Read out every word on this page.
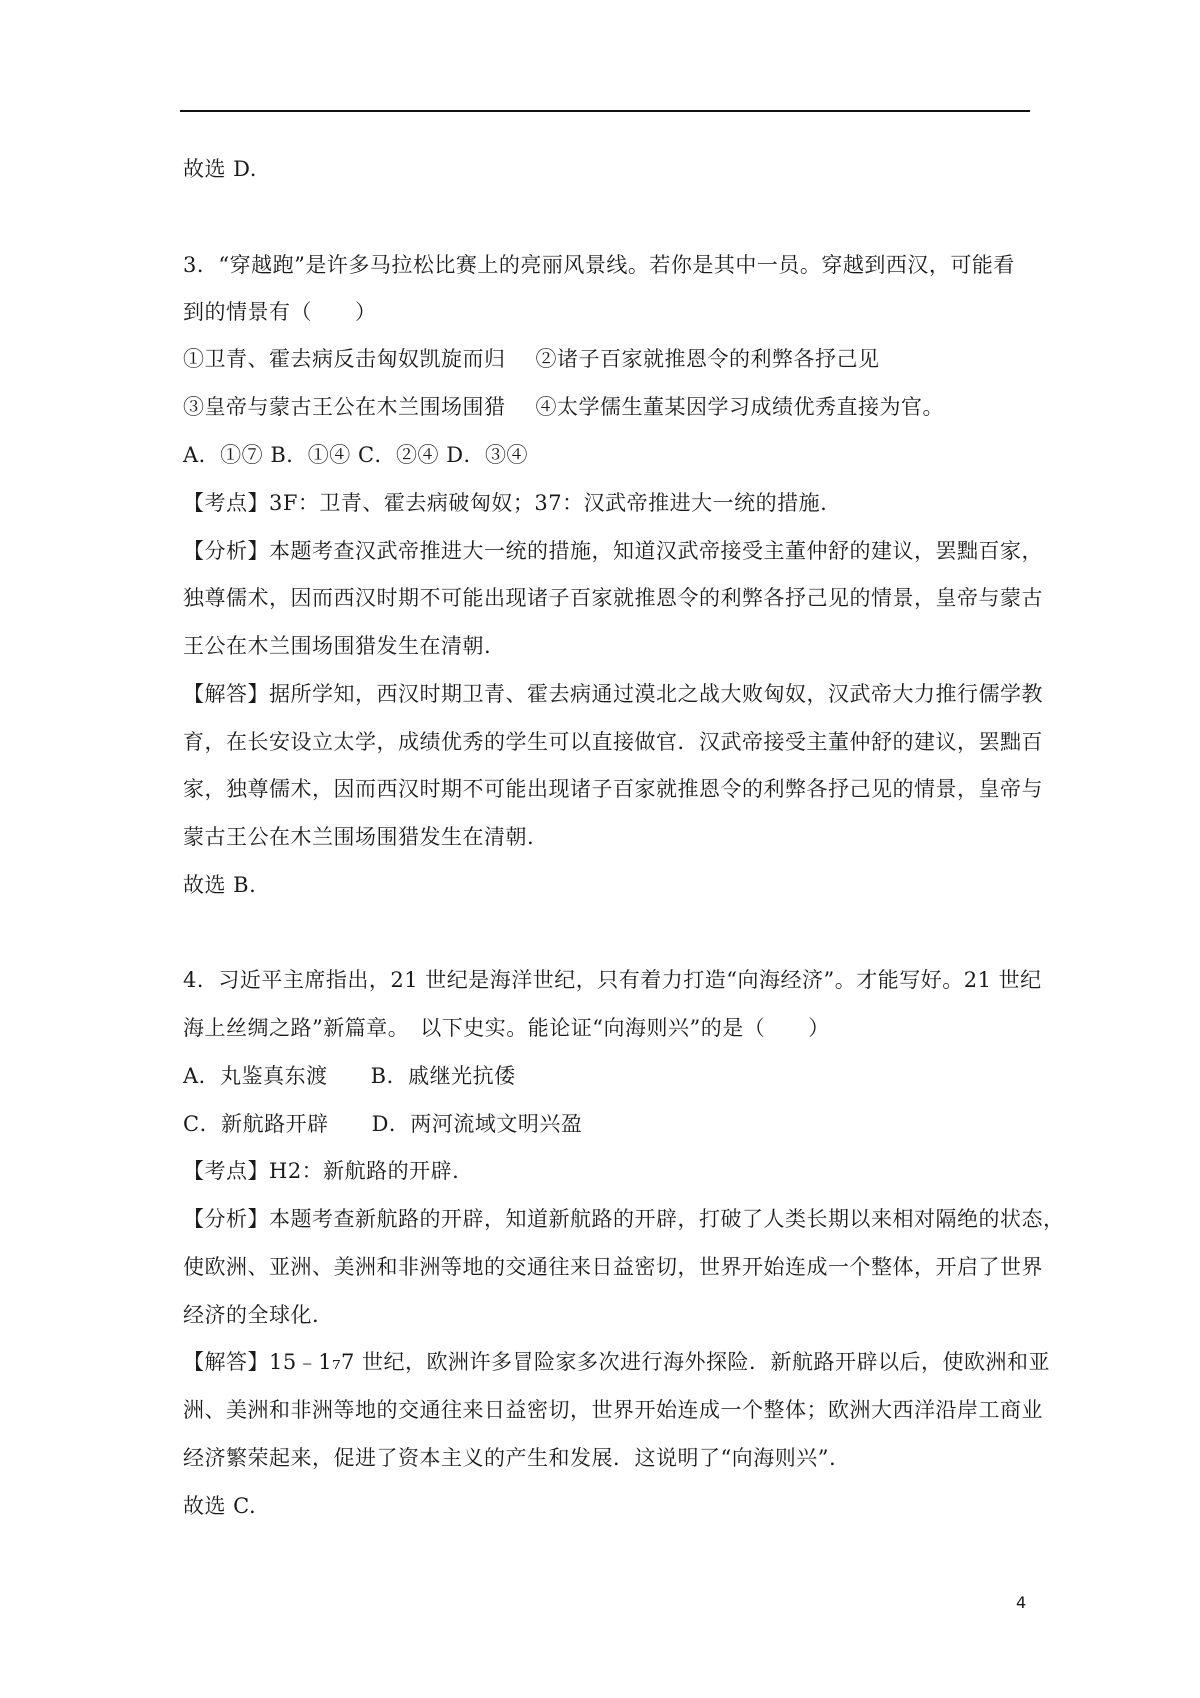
故选 D.
3．“穿越跑”是许多马拉松比赛上的亮丽风景线。若你是其中一员。穿越到西汉，可能看
到的情景有（　　）
①卫青、霍去病反击匈奴凯旋而归 ②诸子百家就推恩令的利弊各抒己见
③皇帝与蒙古王公在木兰围场围猎 ④太学儒生董某因学习成绩优秀直接为官。
A．①⑦ B．①④ C．②④ D．③④
【考点】3F：卫青、霍去病破匈奴；37：汉武帝推进大一统的措施.
【分析】本题考查汉武帝推进大一统的措施，知道汉武帝接受主董仲舒的建议，罢黜百家，
独尊儒术，因而西汉时期不可能出现诸子百家就推恩令的利弊各抒己见的情景，皇帝与蒙古
王公在木兰围场围猎发生在清朝.
【解答】据所学知，西汉时期卫青、霍去病通过漠北之战大败匈奴，汉武帝大力推行儒学教
育，在长安设立太学，成绩优秀的学生可以直接做官．汉武帝接受主董仲舒的建议，罢黜百
家，独尊儒术，因而西汉时期不可能出现诸子百家就推恩令的利弊各抒己见的情景，皇帝与
蒙古王公在木兰围场围猎发生在清朝.
故选 B.
4．习近平主席指出，21 世纪是海洋世纪，只有着力打造“向海经济”。才能写好。21 世纪
海上丝绸之路”新篇章。　以下史实。能论证“向海则兴”的是（　　）
A．丸鉴真东渡　　B．戚继光抗倭
C．新航路开辟　　D．两河流域文明兴盈
【考点】H2：新航路的开辟.
【分析】本题考查新航路的开辟，知道新航路的开辟，打破了人类长期以来相对隔绝的状态，
使欧洲、亚洲、美洲和非洲等地的交通往来日益密切，世界开始连成一个整体，开启了世界
经济的全球化.
【解答】15﹣1₇7 世纪，欧洲许多冒险家多次进行海外探险．新航路开辟以后，使欧洲和亚
洲、美洲和非洲等地的交通往来日益密切，世界开始连成一个整体；欧洲大西洋沿岸工商业
经济繁荣起来，促进了资本主义的产生和发展．这说明了“向海则兴”.
故选 C.
4
